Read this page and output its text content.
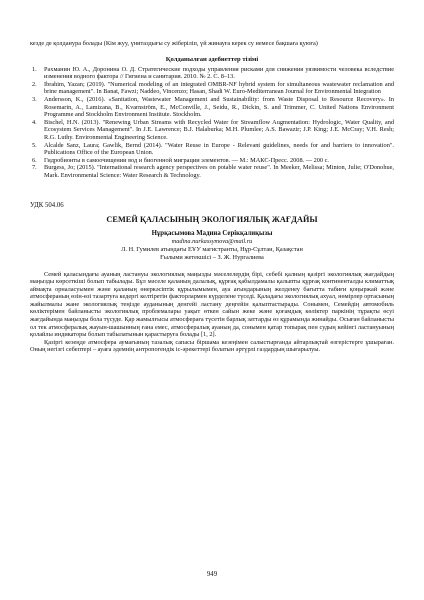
кезде де қолданура болады (Кім жуу, үнитаздығы су жіберіліп, үй жинауға керек су немесе бақшаға қуюға)

Қолданылған әдебиеттер тізімі
1.	Рахманин Ю. А., Доронина О. Д. Стратегические подходы управления рисками для снижения уязвимости человека вследствие изменения водного фактора // Гигиена и санитария. 2010. № 2. С. 8–13.
2.	Ibrahim, Yazan; (2019). "Numerical modeling of an integrated OMBR-NF hybrid system for simultaneous wastewater reclamation and brine management". In Banat, Fawzi; Naddeo, Vincenzo; Hasan, Shadi W. Euro-Mediterranean Journal for Environmental Integration
3.	Andersson, K., (2016). «Sanitation, Wastewater Management and Sustainability: from Waste Disposal to Resource Recovery». In Rosemarin, A., Lamizana, B., Kvarnström, E., McConville, J., Seidu, R., Dickin, S. and Trimmer, C. United Nations Environment Programme and Stockholm Environment Institute. Stockholm.
4.	Bischel, H.N. (2013). "Renewing Urban Streams with Recycled Water for Streamflow Augmentation: Hydrologic, Water Quality, and Ecosystem Services Management". In J.E. Lawrence; B.J. Halaburka; M.H. Plumlee; A.S. Bawazir; J.P. King; J.E. McCray; V.H. Resh; R.G. Luthy. Environmental Engineering Science.
5.	Alcalde Sanz, Laura; Gawlik, Bernd (2014). "Water Reuse in Europe - Relevant guidelines, needs for and barriers to innovation". Publications Office of the European Union.
6.	Гидробионты в самоочищении вод и биогенной миграции элементов. — М.: МАКС-Пресс. 2008. — 200 с.
7.	Burgess, Jo; (2015). "International research agency perspectives on potable water reuse". In Meeker, Melissa; Minton, Julie; O'Donohue, Mark. Environmental Science: Water Research & Technology.
УДК 504.06
СЕМЕЙ ҚАЛАСЫНЫҢ ЭКОЛОГИЯЛЫҚ ЖАҒДАЙЫ
Нұрқасымова Мадина Серікқалиқызы
madina.nurkassymova@mail.ru
Л. Н. Гумилев атындағы ЕҰУ магистранты, Нұр-Сұлтан, Қазақстан
Ғылыми жетекшісі – З. Ж. Нургалиева

Семей қаласындағы ауаның ластануы экологиялық маңызды мәселелердің бірі, себебі қалның қазіргі экологиялық жағдайдың маңызды көрсеткіші болып табылады. Бұл мәселе қаланың далалық, құрғақ қабылдамалы қалыпты құрғақ континенталды климаттық аймақта орналасуымен және қаланың өнеркәсіптік құрылымымен, ауа ағындарының желденеу бағытта табиғи қоңыржай және атмосфераның өзін-өзі тазартуға кедергі келтіретін факторлармен күрделене түседі. Қаладағы экологиялық ахуал, нөмірлер ортасының жайылмалы жане экологиялық теңізде ауданының денгейі ластану деңгейін қалыптастырады. Сонымен, Семейдің автомобиль көліктерімен байланысты экологиялық проблемалары уақыт өткен сайын жеке және қоғамдық көліктер паркінің тұрақты өсуі жағдайында маңызды бола түсуде. Қар жамылғысы атмосфераға түсетін барлық заттарды өз құрамында жинайды. Осыған байланысты ол тек атмосфералық жауын-шашынның ғана емес, атмосфералық ауаның да, сонымен қатар топырақ пен судың кейінгі ластануының қолайлы индикаторы болып табылатынын қарастыруға болады [1, 2].

Қазіргі кезеңде атмосфера аумағының тазалық сапасы біршама кезеңімен салыстырғанда айтарлықтай өзгерістерге ұшыраған. Оның негізгі себептері – ауаға әдемнің антропогендік іс-әрекеттері болатын әртүрлі газдардың шығарылуы.

949
